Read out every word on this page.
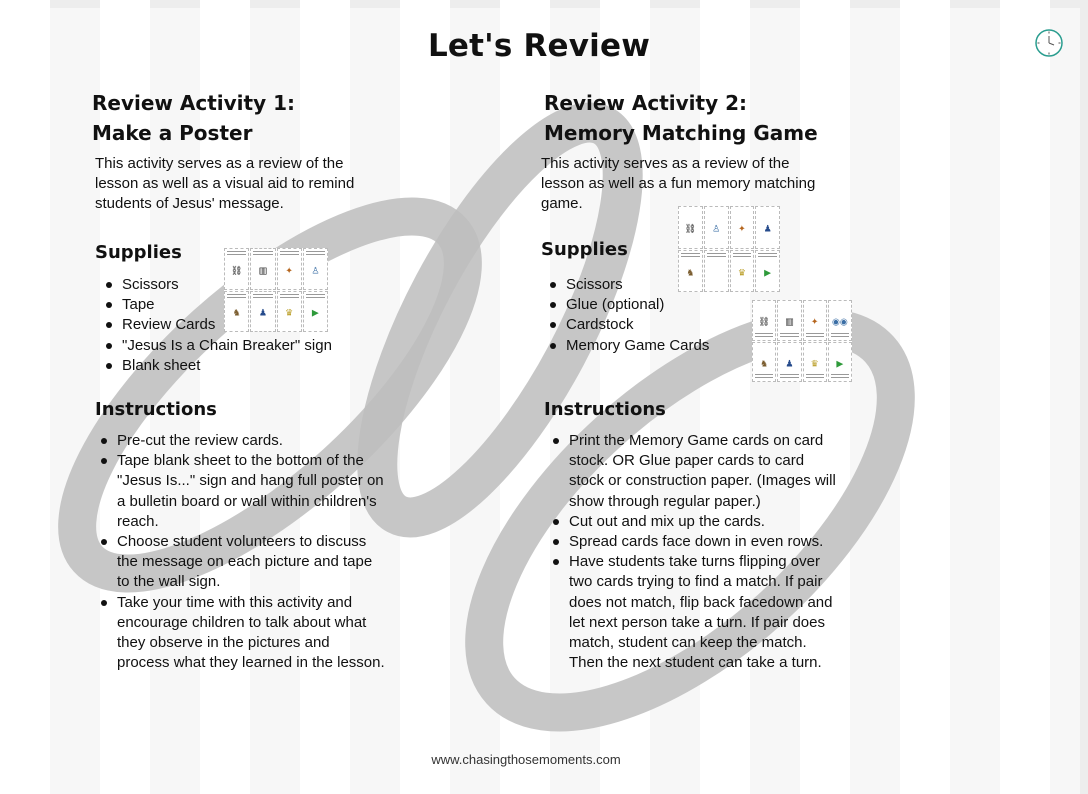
Let's Review
Review Activity 1:
Make a Poster
This activity serves as a review of the lesson as well as a visual aid to remind students of Jesus' message.
Supplies
Scissors
Tape
Review Cards
"Jesus Is a Chain Breaker" sign
Blank sheet
⛓ ▥ ✦ ♙
♞ ♟ ♛ ▶
Instructions
Pre-cut the review cards.
Tape blank sheet to the bottom of the "Jesus Is..." sign and hang full poster on a bulletin board or wall within children's reach.
Choose student volunteers to discuss the message on each picture and tape to the wall sign.
Take your time with this activity and encourage children to talk about what they observe in the pictures and process what they learned in the lesson.
Review Activity 2:
Memory Matching Game
This activity serves as a review of the lesson as well as a fun memory matching game.
⛓ ♙ ✦ ♟
♞	♛ ▶
Supplies
Scissors
Glue (optional)
Cardstock
Memory Game Cards
⛓ ▥ ✦ ◉◉
♞ ♟ ♛ ▶
Instructions
Print the Memory Game cards on card stock. OR Glue paper cards to card stock or construction paper. (Images will show through regular paper.)
Cut out and mix up the cards.
Spread cards face down in even rows.
Have students take turns flipping over two cards trying to find a match. If pair does not match, flip back facedown and let next person take a turn. If pair does match, student can keep the match. Then the next student can take a turn.
www.chasingthosemoments.com
